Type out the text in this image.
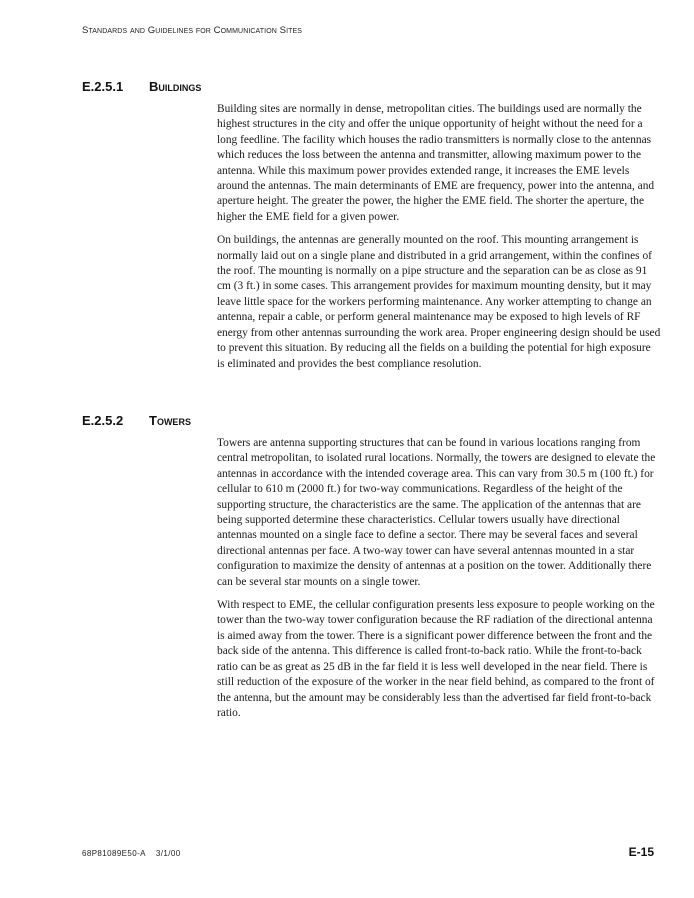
Standards and Guidelines for Communication Sites
E.2.5.1 Buildings

Building sites are normally in dense, metropolitan cities. The buildings used are normally the highest structures in the city and offer the unique opportunity of height without the need for a long feedline. The facility which houses the radio transmitters is normally close to the antennas which reduces the loss between the antenna and transmitter, allowing maximum power to the antenna. While this maximum power provides extended range, it increases the EME levels around the antennas. The main determinants of EME are frequency, power into the antenna, and aperture height. The greater the power, the higher the EME field. The shorter the aperture, the higher the EME field for a given power.

On buildings, the antennas are generally mounted on the roof. This mounting arrangement is normally laid out on a single plane and distributed in a grid arrangement, within the confines of the roof. The mounting is normally on a pipe structure and the separation can be as close as 91 cm (3 ft.) in some cases. This arrangement provides for maximum mounting density, but it may leave little space for the workers performing maintenance. Any worker attempting to change an antenna, repair a cable, or perform general maintenance may be exposed to high levels of RF energy from other antennas surrounding the work area. Proper engineering design should be used to prevent this situation. By reducing all the fields on a building the potential for high exposure is eliminated and provides the best compliance resolution.

E.2.5.2 Towers

Towers are antenna supporting structures that can be found in various locations ranging from central metropolitan, to isolated rural locations. Normally, the towers are designed to elevate the antennas in accordance with the intended coverage area. This can vary from 30.5 m (100 ft.) for cellular to 610 m (2000 ft.) for two-way communications. Regardless of the height of the supporting structure, the characteristics are the same. The application of the antennas that are being supported determine these characteristics. Cellular towers usually have directional antennas mounted on a single face to define a sector. There may be several faces and several directional antennas per face. A two-way tower can have several antennas mounted in a star configuration to maximize the density of antennas at a position on the tower. Additionally there can be several star mounts on a single tower.

With respect to EME, the cellular configuration presents less exposure to people working on the tower than the two-way tower configuration because the RF radiation of the directional antenna is aimed away from the tower. There is a significant power difference between the front and the back side of the antenna. This difference is called front-to-back ratio. While the front-to-back ratio can be as great as 25 dB in the far field it is less well developed in the near field. There is still reduction of the exposure of the worker in the near field behind, as compared to the front of the antenna, but the amount may be considerably less than the advertised far field front-to-back ratio.

68P81089E50-A 3/1/00	E-15
